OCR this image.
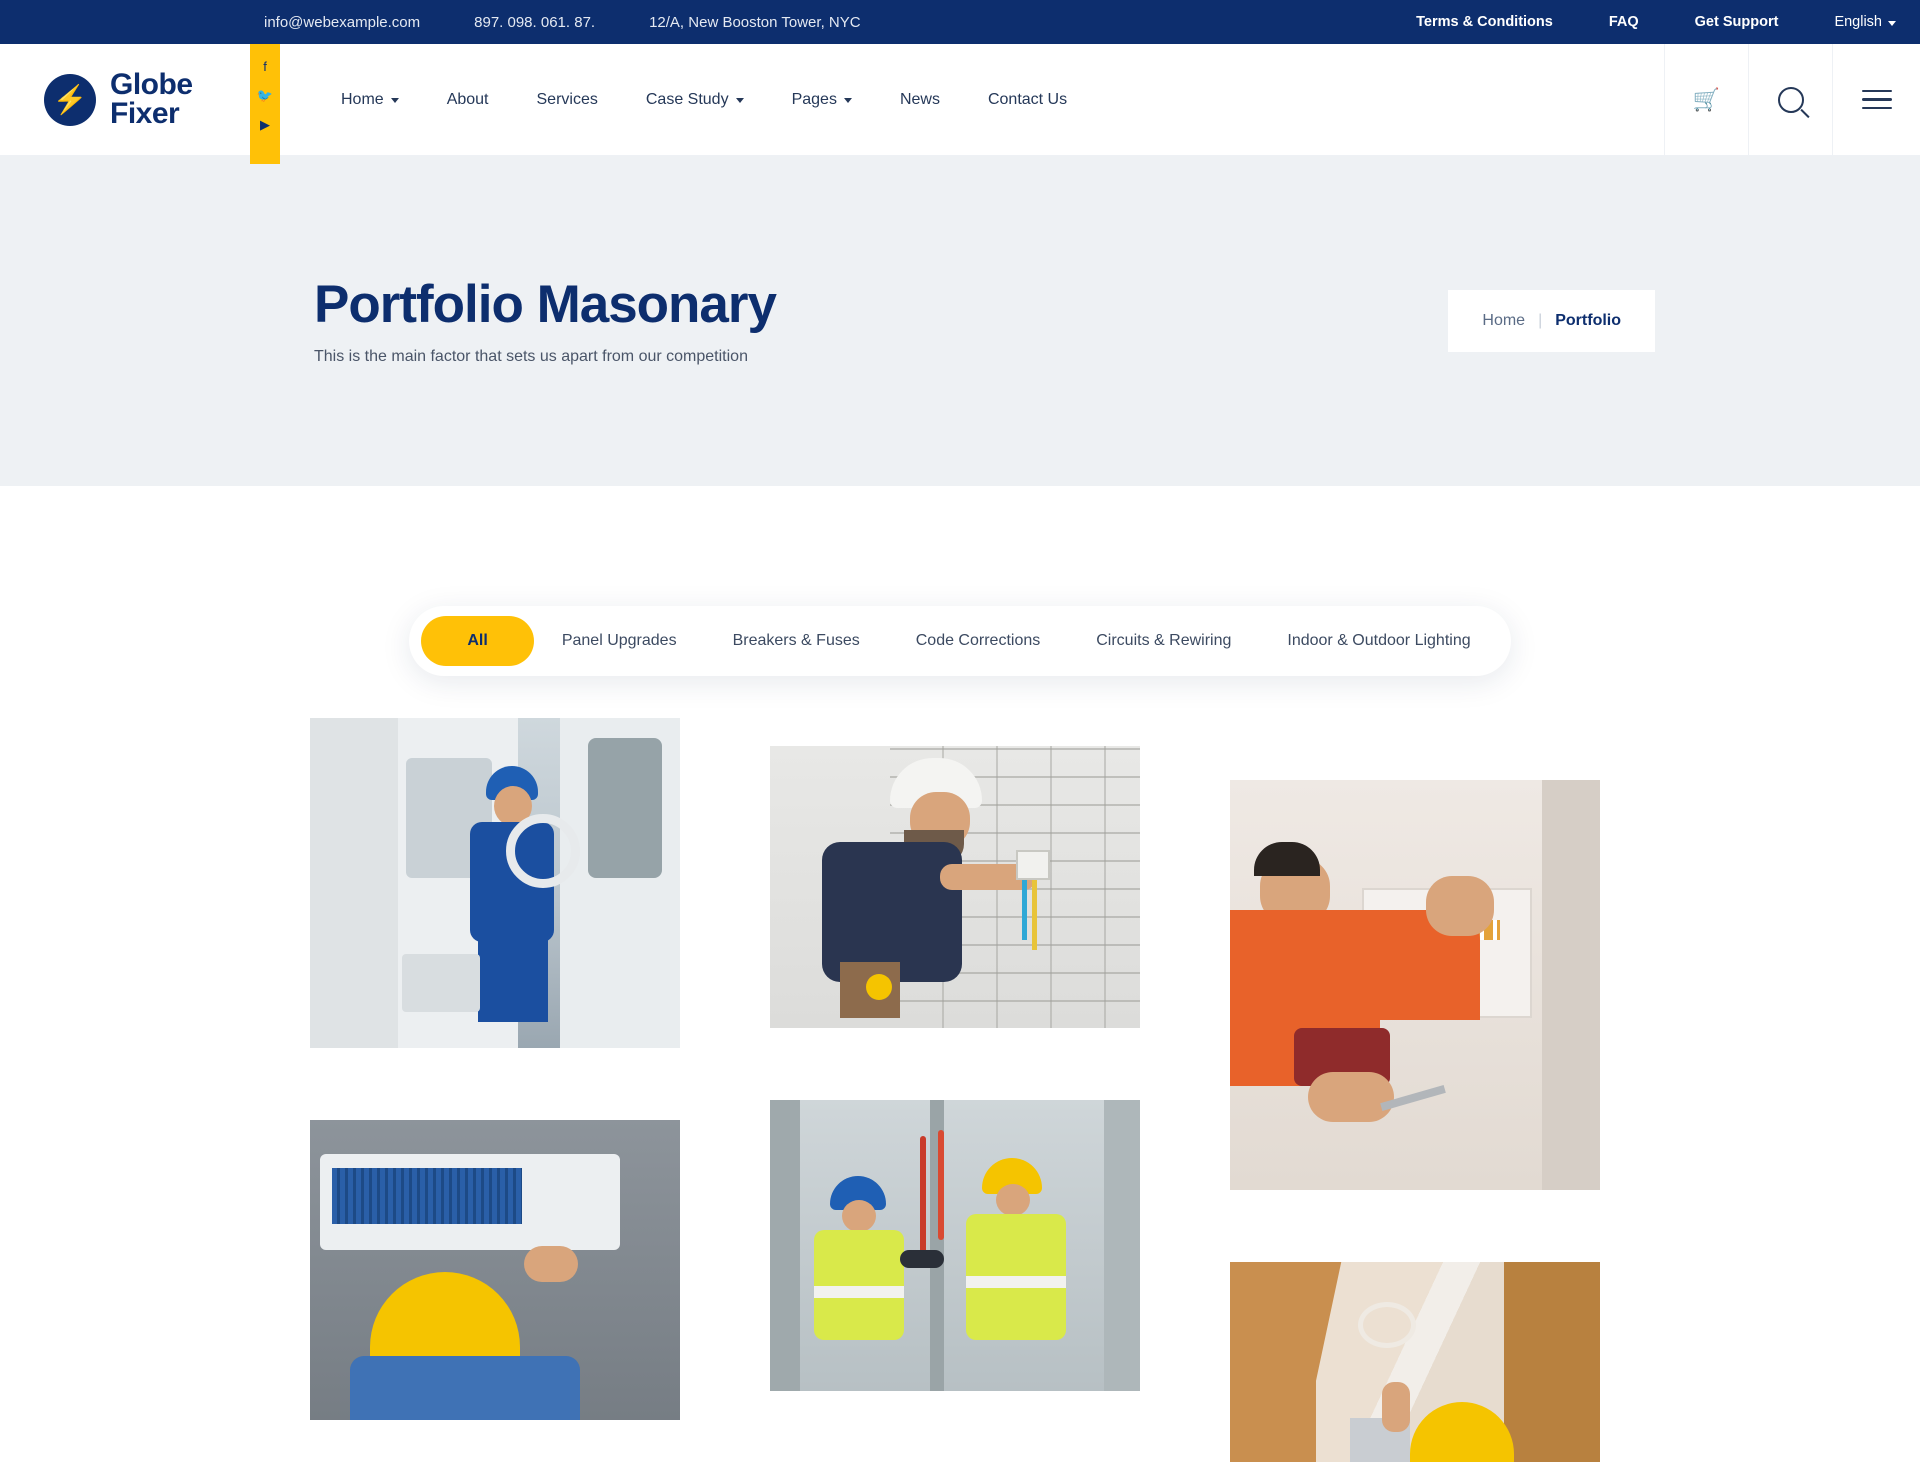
info@webexample.com	897. 098. 061. 87.	12/A, New Booston Tower, NYC	Terms & Conditions	FAQ	Get Support	English
⚡ Globe
Fixer
f
🐦
▶
Home	About	Services	Case Study	Pages	News	Contact Us	🛒
Portfolio Masonary

This is the main factor that sets us apart from our competition

Home | Portfolio
All	Panel Upgrades	Breakers & Fuses	Code Corrections	Circuits & Rewiring	Indoor & Outdoor Lighting
